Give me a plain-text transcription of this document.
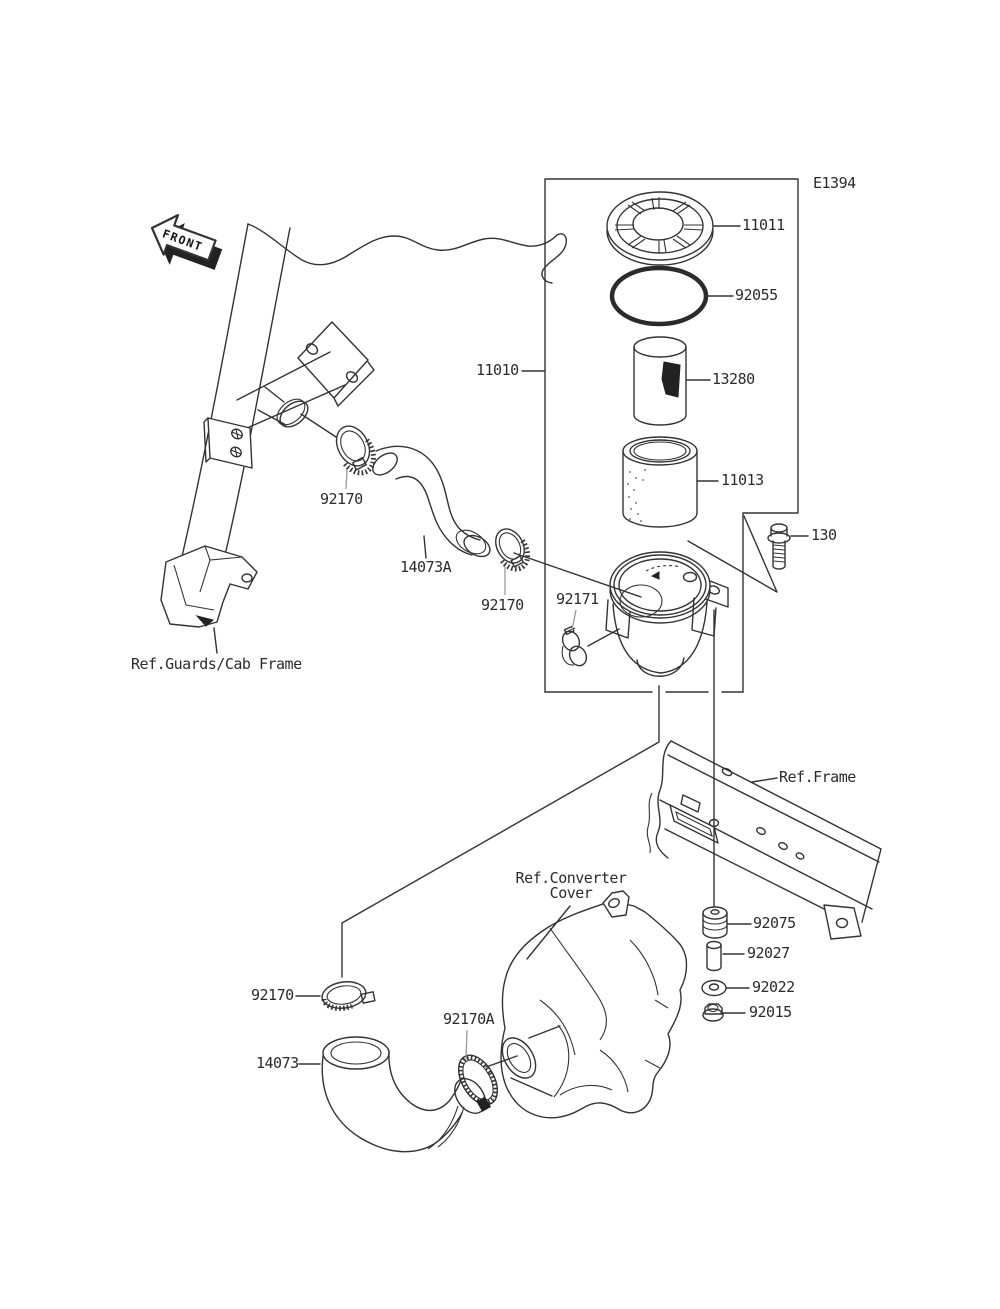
FRONT
E1394
11011
92055
13280
11013
11010
130
92171
92170
14073A
92170
Ref.Frame
Ref.Converter
Cover
92075
92027
92022
92015
92170
14073
92170A
Ref.Guards/Cab Frame
